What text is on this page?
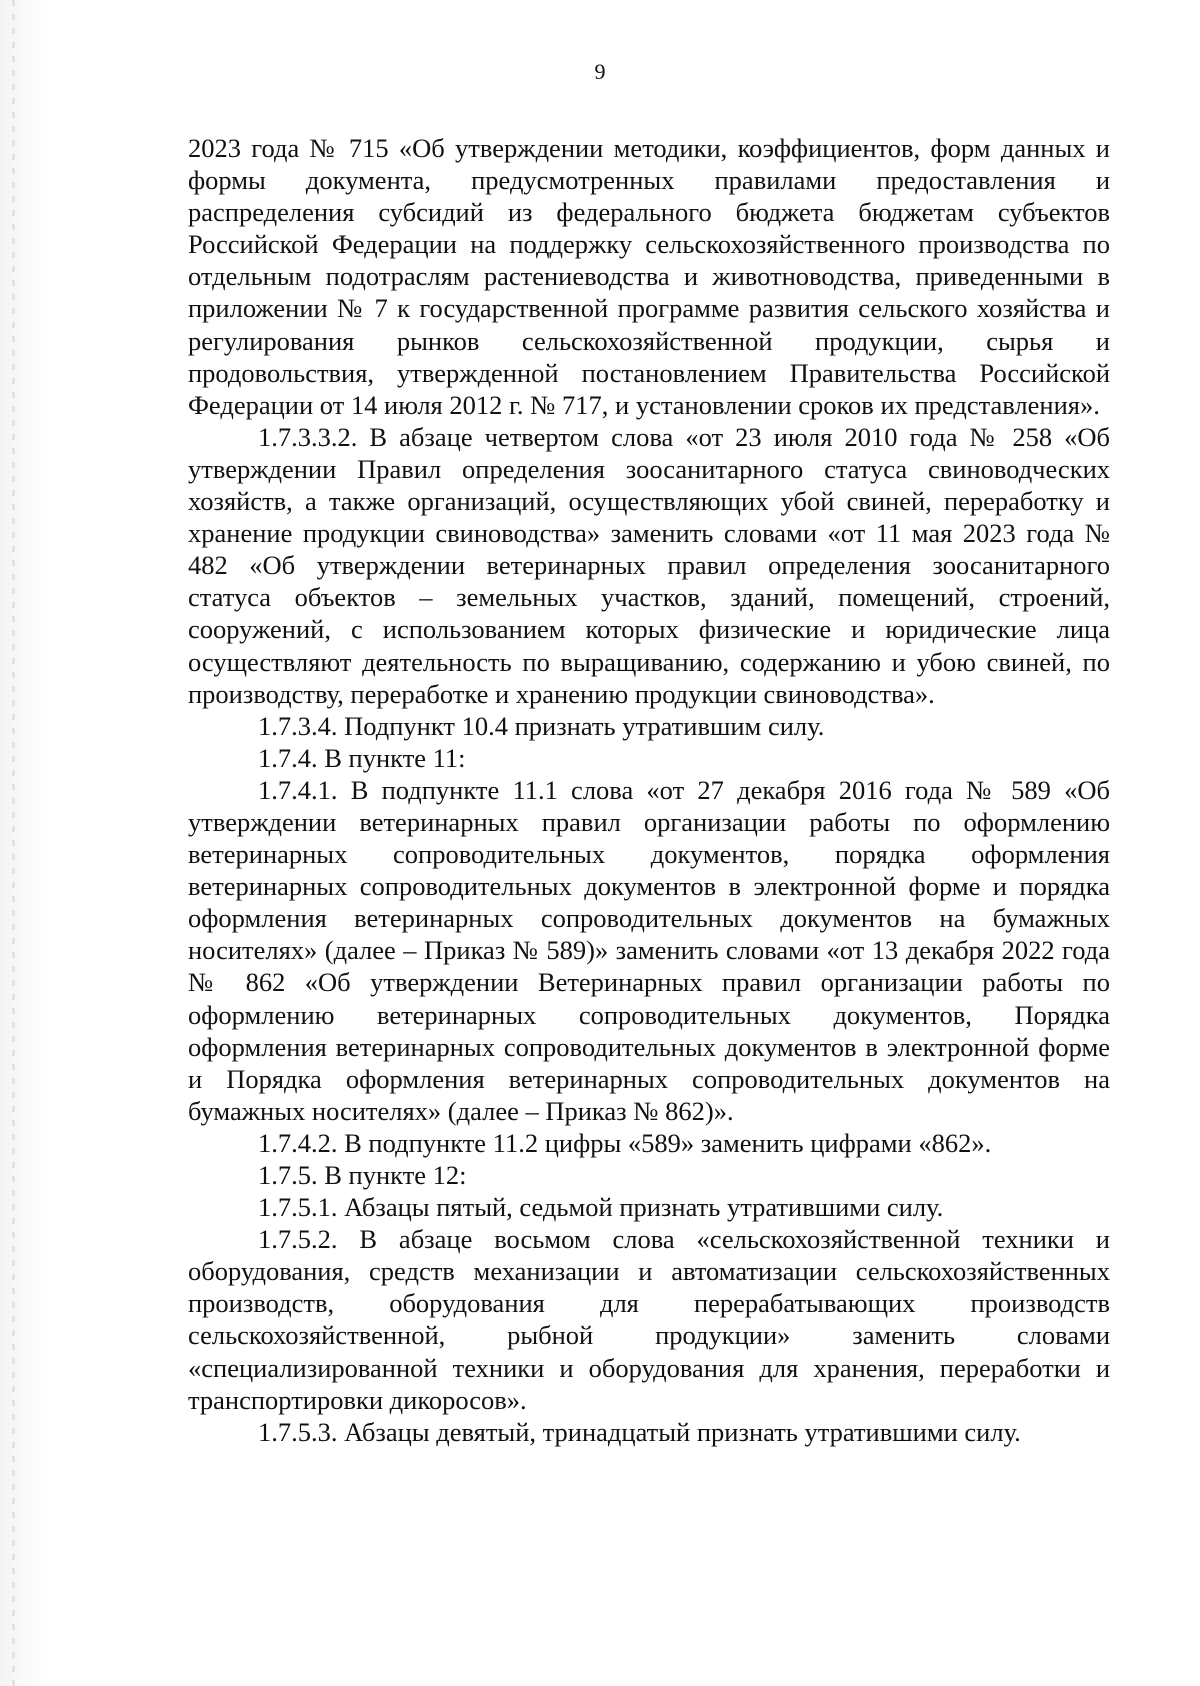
9

2023 года № 715 «Об утверждении методики, коэффициентов, форм данных и формы документа, предусмотренных правилами предоставления и распределения субсидий из федерального бюджета бюджетам субъектов Российской Федерации на поддержку сельскохозяйственного производства по отдельным подотраслям растениеводства и животноводства, приведенными в приложении № 7 к государственной программе развития сельского хозяйства и регулирования рынков сельскохозяйственной продукции, сырья и продовольствия, утвержденной постановлением Правительства Российской Федерации от 14 июля 2012 г. № 717, и установлении сроков их представления».

1.7.3.3.2. В абзаце четвертом слова «от 23 июля 2010 года № 258 «Об утверждении Правил определения зоосанитарного статуса свиноводческих хозяйств, а также организаций, осуществляющих убой свиней, переработку и хранение продукции свиноводства» заменить словами «от 11 мая 2023 года № 482 «Об утверждении ветеринарных правил определения зоосанитарного статуса объектов – земельных участков, зданий, помещений, строений, сооружений, с использованием которых физические и юридические лица осуществляют деятельность по выращиванию, содержанию и убою свиней, по производству, переработке и хранению продукции свиноводства».

1.7.3.4. Подпункт 10.4 признать утратившим силу.

1.7.4. В пункте 11:

1.7.4.1. В подпункте 11.1 слова «от 27 декабря 2016 года № 589 «Об утверждении ветеринарных правил организации работы по оформлению ветеринарных сопроводительных документов, порядка оформления ветеринарных сопроводительных документов в электронной форме и порядка оформления ветеринарных сопроводительных документов на бумажных носителях» (далее – Приказ № 589)» заменить словами «от 13 декабря 2022 года № 862 «Об утверждении Ветеринарных правил организации работы по оформлению ветеринарных сопроводительных документов, Порядка оформления ветеринарных сопроводительных документов в электронной форме и Порядка оформления ветеринарных сопроводительных документов на бумажных носителях» (далее – Приказ № 862)».

1.7.4.2. В подпункте 11.2 цифры «589» заменить цифрами «862».

1.7.5. В пункте 12:

1.7.5.1. Абзацы пятый, седьмой признать утратившими силу.

1.7.5.2. В абзаце восьмом слова «сельскохозяйственной техники и оборудования, средств механизации и автоматизации сельскохозяйственных производств, оборудования для перерабатывающих производств сельскохозяйственной, рыбной продукции» заменить словами «специализированной техники и оборудования для хранения, переработки и транспортировки дикоросов».

1.7.5.3. Абзацы девятый, тринадцатый признать утратившими силу.
